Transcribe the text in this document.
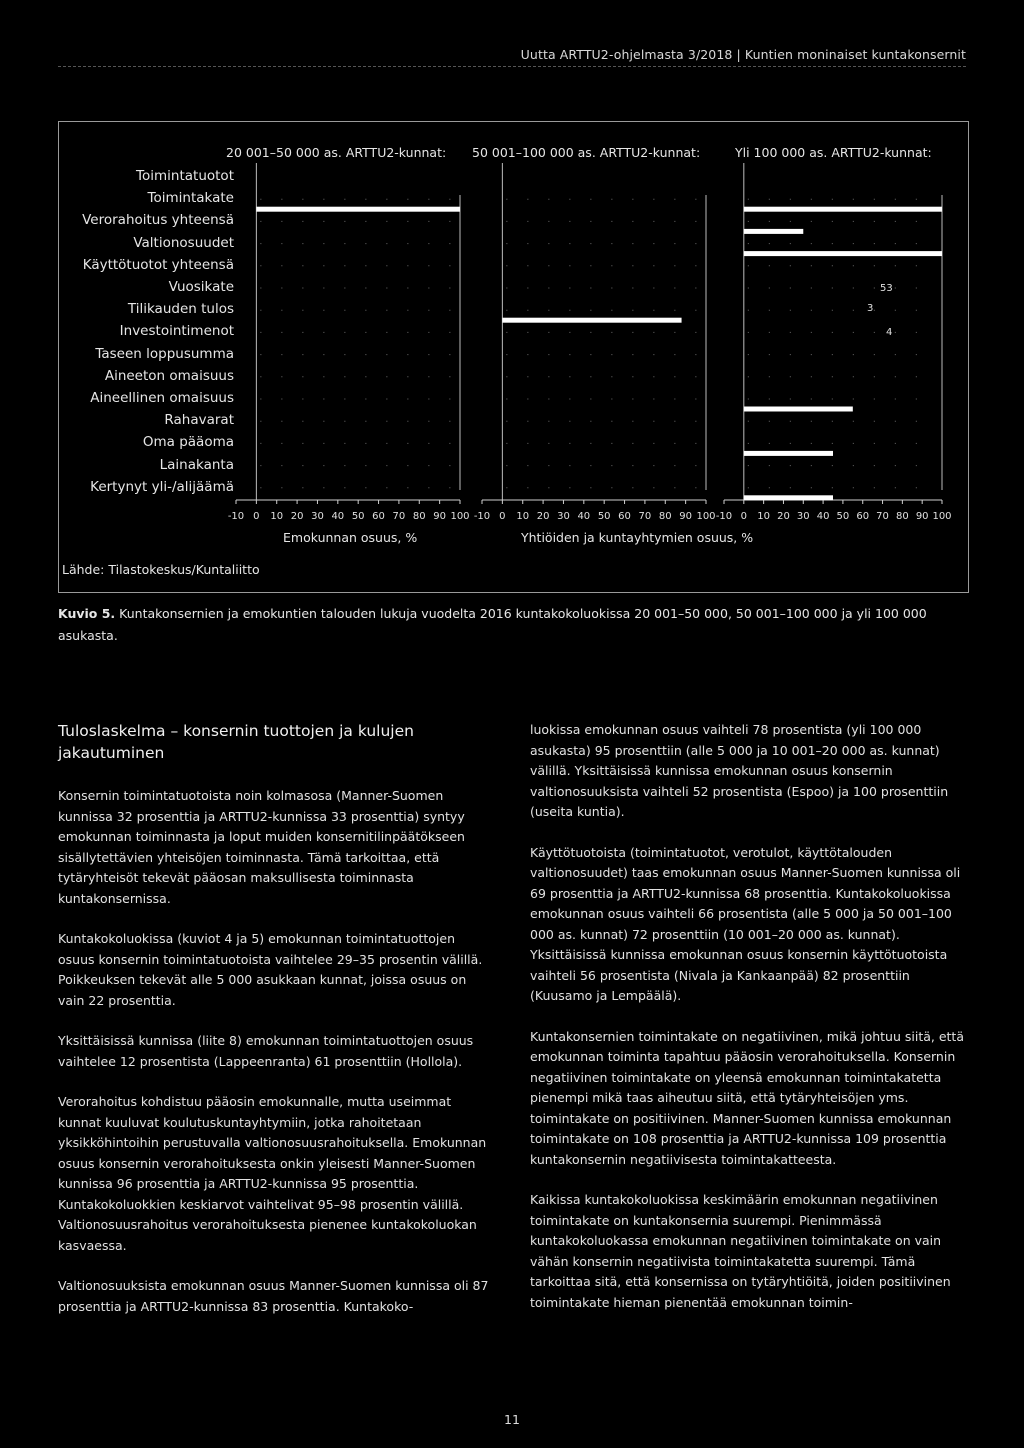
Uutta ARTTU2-ohjelmasta 3/2018 | Kuntien moninaiset kuntakonsernit
Toimintatuotot
Toimintakate
Verorahoitus yhteensä
Valtionosuudet
Käyttötuotot yhteensä
Vuosikate
Tilikauden tulos
Investointimenot
Taseen loppusumma
Aineeton omaisuus
Aineellinen omaisuus
Rahavarat
Oma pääoma
Lainakanta
Kertynyt yli-/alijäämä
20 001–50 000 as. ARTTU2-kunnat: 50 001–100 000 as. ARTTU2-kunnat:	Yli 100 000 as. ARTTU2-kunnat:
-10 0 10 20 30 40 50 60 70 80 90 100 -10 0 10 20 30 40 50 60 70 80 90 100 -10 0 10 20 30 40 50 60 70 80 90 100
53
3
4
Emokunnan osuus, %	Yhtiöiden ja kuntayhtymien osuus, %
Lähde: Tilastokeskus/Kuntaliitto
Kuvio 5. Kuntakonsernien ja emokuntien talouden lukuja vuodelta 2016 kuntakokoluokissa 20 001–50 000, 50 001–100 000 ja yli 100 000 asukasta.
Tuloslaskelma – konsernin tuottojen ja kulujen jakautuminen

Konsernin toimintatuotoista noin kolmasosa (Manner-Suomen kunnissa 32 prosenttia ja ARTTU2-kunnissa 33 prosenttia) syntyy emokunnan toiminnasta ja loput muiden konsernitilinpäätökseen sisällytettävien yhteisöjen toiminnasta. Tämä tarkoittaa, että tytäryhteisöt tekevät pääosan maksullisesta toiminnasta kuntakonsernissa.

Kuntakokoluokissa (kuviot 4 ja 5) emokunnan toimintatuottojen osuus konsernin toimintatuotoista vaihtelee 29–35 prosentin välillä. Poikkeuksen tekevät alle 5 000 asukkaan kunnat, joissa osuus on vain 22 prosenttia.

Yksittäisissä kunnissa (liite 8) emokunnan toimintatuottojen osuus vaihtelee 12 prosentista (Lappeenranta) 61 prosenttiin (Hollola).

Verorahoitus kohdistuu pääosin emokunnalle, mutta useimmat kunnat kuuluvat koulutuskuntayhtymiin, jotka rahoitetaan yksikköhintoihin perustuvalla valtionosuusrahoituksella. Emokunnan osuus konsernin verorahoituksesta onkin yleisesti Manner-Suomen kunnissa 96 prosenttia ja ARTTU2-kunnissa 95 prosenttia. Kuntakokoluokkien keskiarvot vaihtelivat 95–98 prosentin välillä. Valtionosuusrahoitus verorahoituksesta pienenee kuntakokoluokan kasvaessa.

Valtionosuuksista emokunnan osuus Manner-Suomen kunnissa oli 87 prosenttia ja ARTTU2-kunnissa 83 prosenttia. Kuntakoko-

luokissa emokunnan osuus vaihteli 78 prosentista (yli 100 000 asukasta) 95 prosenttiin (alle 5 000 ja 10 001–20 000 as. kunnat) välillä. Yksittäisissä kunnissa emokunnan osuus konsernin valtionosuuksista vaihteli 52 prosentista (Espoo) ja 100 prosenttiin (useita kuntia).

Käyttötuotoista (toimintatuotot, verotulot, käyttötalouden valtionosuudet) taas emokunnan osuus Manner-Suomen kunnissa oli 69 prosenttia ja ARTTU2-kunnissa 68 prosenttia. Kuntakokoluokissa emokunnan osuus vaihteli 66 prosentista (alle 5 000 ja 50 001–100 000 as. kunnat) 72 prosenttiin (10 001–20 000 as. kunnat). Yksittäisissä kunnissa emokunnan osuus konsernin käyttötuotoista vaihteli 56 prosentista (Nivala ja Kankaanpää) 82 prosenttiin (Kuusamo ja Lempäälä).

Kuntakonsernien toimintakate on negatiivinen, mikä johtuu siitä, että emokunnan toiminta tapahtuu pääosin verorahoituksella. Konsernin negatiivinen toimintakate on yleensä emokunnan toimintakatetta pienempi mikä taas aiheutuu siitä, että tytäryhteisöjen yms. toimintakate on positiivinen. Manner-Suomen kunnissa emokunnan toimintakate on 108 prosenttia ja ARTTU2-kunnissa 109 prosenttia kuntakonsernin negatiivisesta toimintakatteesta.

Kaikissa kuntakokoluokissa keskimäärin emokunnan negatiivinen toimintakate on kuntakonsernia suurempi. Pienimmässä kuntakokoluokassa emokunnan negatiivinen toimintakate on vain vähän konsernin negatiivista toimintakatetta suurempi. Tämä tarkoittaa sitä, että konsernissa on tytäryhtiöitä, joiden positiivinen toimintakate hieman pienentää emokunnan toimin-

11
